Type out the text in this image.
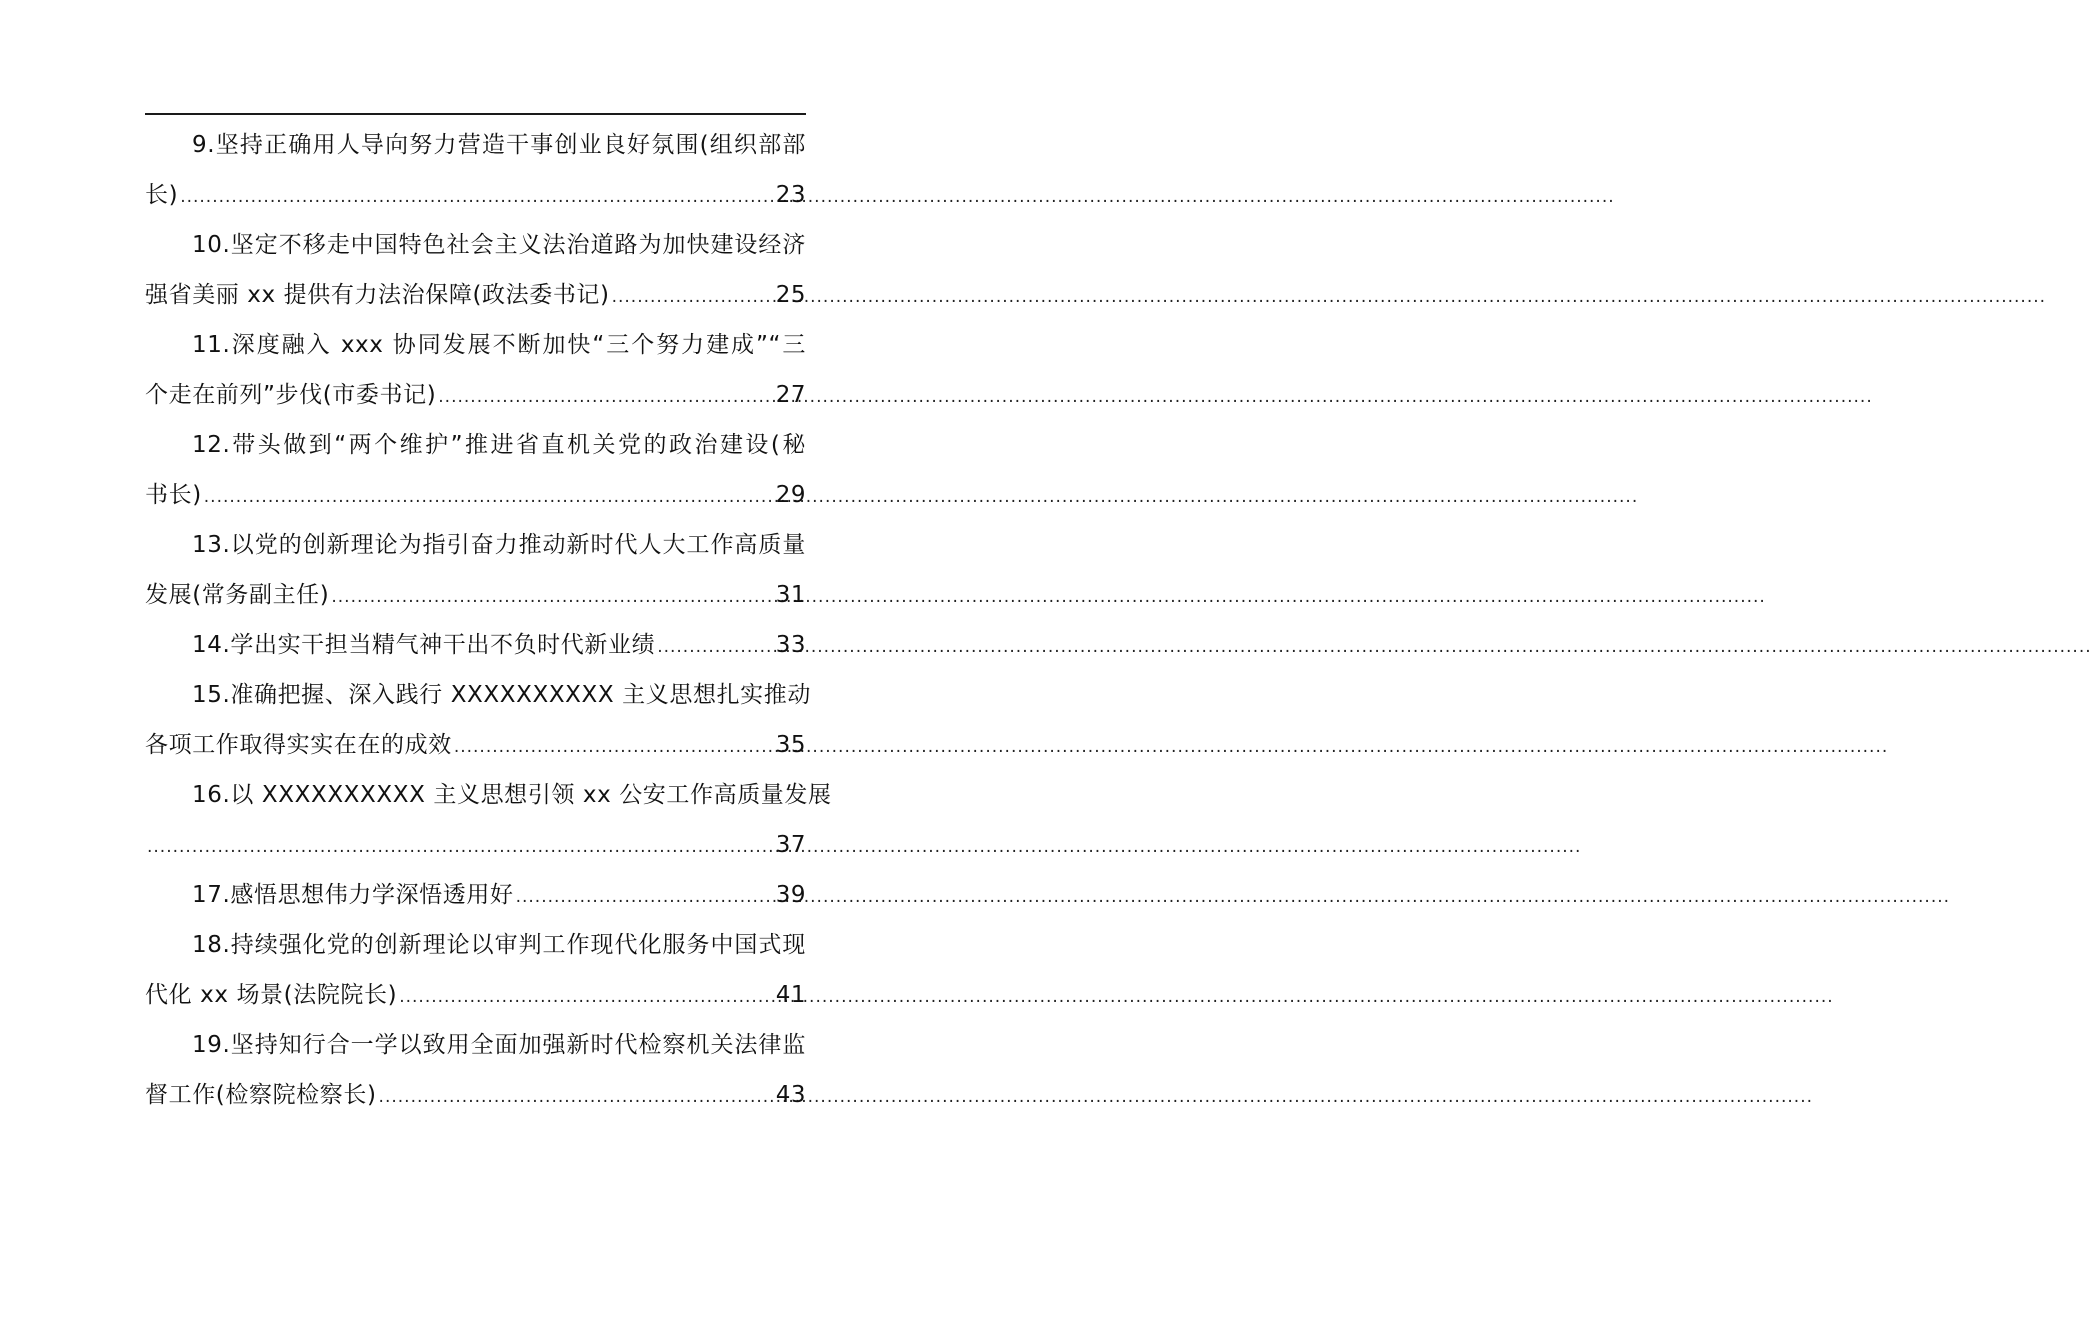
9.坚持正确用人导向努力营造干事创业良好氛围(组织部部
长) .....	23
10.坚定不移走中国特色社会主义法治道路为加快建设经济
强省美丽 xx 提供有力法治保障(政法委书记) .....	25
11.深度融入 xxx 协同发展不断加快“三个努力建成”“三
个走在前列”步伐(市委书记) .....	27
12.带头做到“两个维护”推进省直机关党的政治建设(秘
书长) .....	29
13.以党的创新理论为指引奋力推动新时代人大工作高质量
发展(常务副主任) .....	31
14.学出实干担当精气神干出不负时代新业绩 .....	33
15.准确把握、深入践行 XXXXXXXXXX 主义思想扎实推动
各项工作取得实实在在的成效 .....	35
16.以 XXXXXXXXXX 主义思想引领 xx 公安工作高质量发展
.....
37
17.感悟思想伟力学深悟透用好 .....	39
18.持续强化党的创新理论以审判工作现代化服务中国式现
代化 xx 场景(法院院长) .....	41
19.坚持知行合一学以致用全面加强新时代检察机关法律监
督工作(检察院检察长) .....	43
